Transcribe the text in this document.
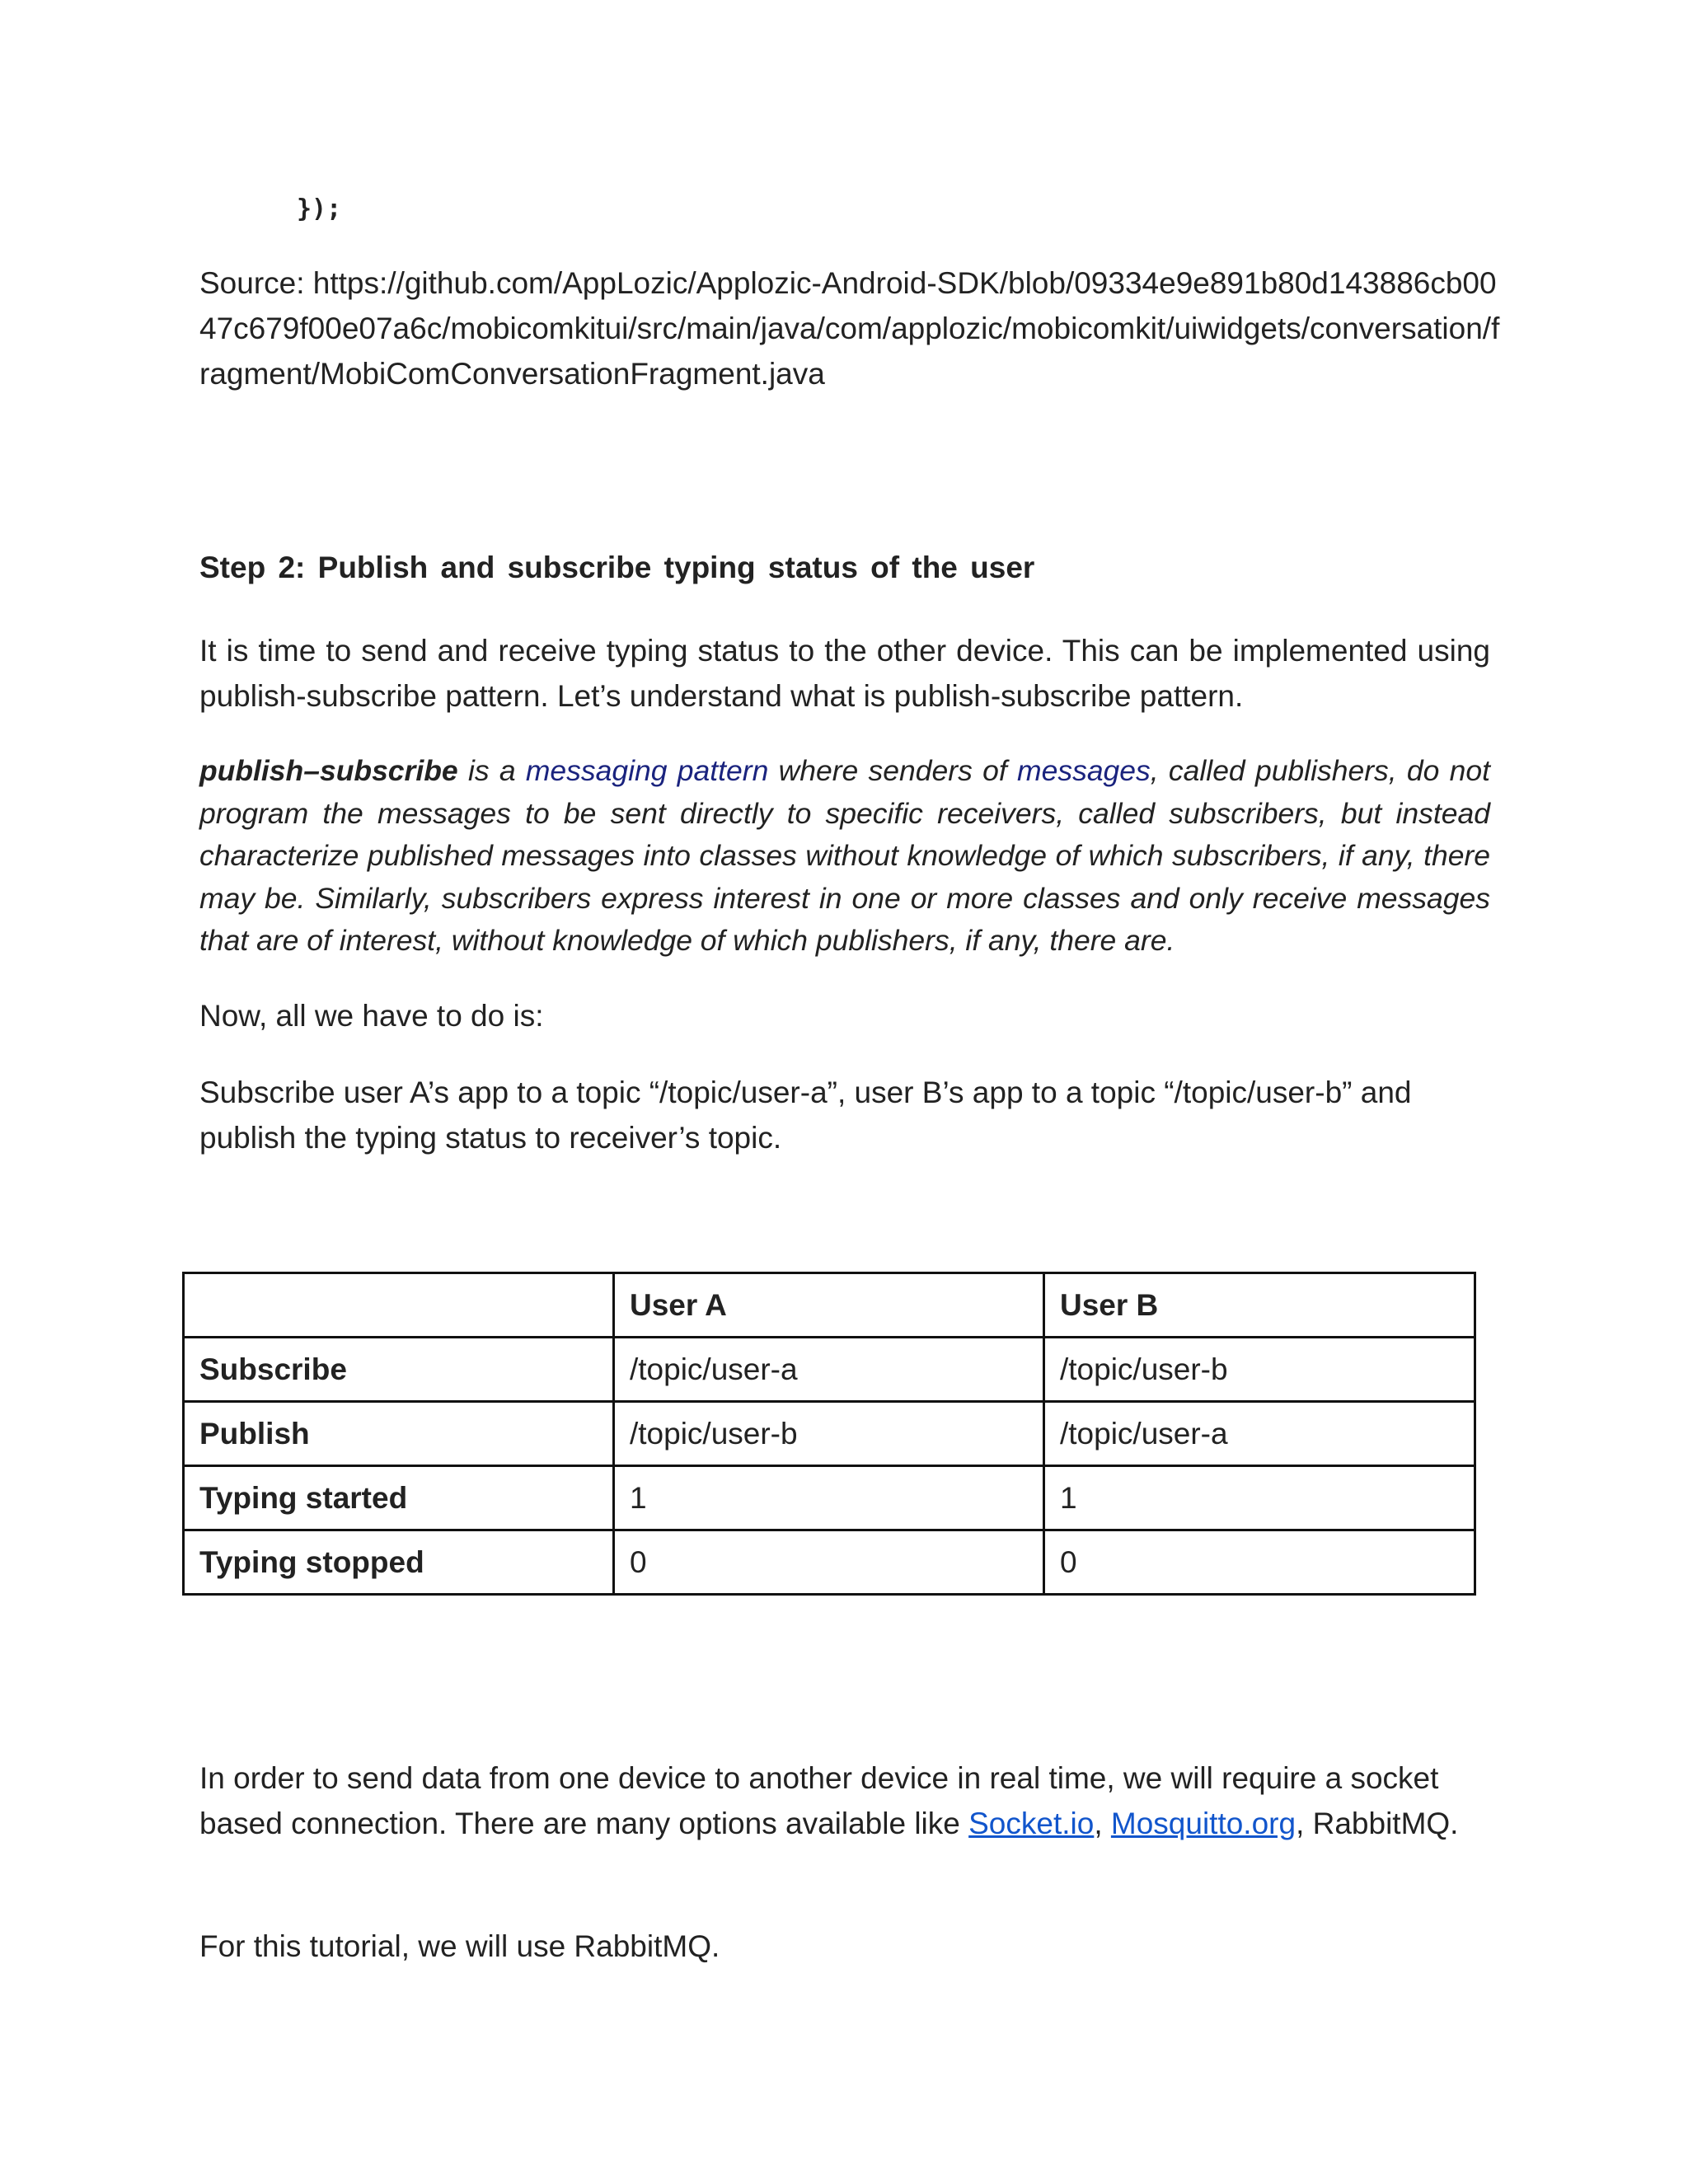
});
Source: https://github.com/AppLozic/Applozic-Android-SDK/blob/09334e9e891b80d143886cb0047c679f00e07a6c/mobicomkitui/src/main/java/com/applozic/mobicomkit/uiwidgets/conversation/fragment/MobiComConversationFragment.java
Step 2: Publish and subscribe typing status of the user
It is time to send and receive typing status to the other device. This can be implemented using publish-subscribe pattern. Let’s understand what is publish-subscribe pattern.
publish–subscribe is a messaging pattern where senders of messages, called publishers, do not program the messages to be sent directly to specific receivers, called subscribers, but instead characterize published messages into classes without knowledge of which subscribers, if any, there may be. Similarly, subscribers express interest in one or more classes and only receive messages that are of interest, without knowledge of which publishers, if any, there are.
Now, all we have to do is:
Subscribe user A’s app to a topic “/topic/user-a”, user B’s app to a topic “/topic/user-b” and publish the typing status to receiver’s topic.
	User A	User B
Subscribe	/topic/user-a	/topic/user-b
Publish	/topic/user-b	/topic/user-a
Typing started	1	1
Typing stopped	0	0
In order to send data from one device to another device in real time, we will require a socket based connection. There are many options available like Socket.io, Mosquitto.org, RabbitMQ.
For this tutorial, we will use RabbitMQ.
